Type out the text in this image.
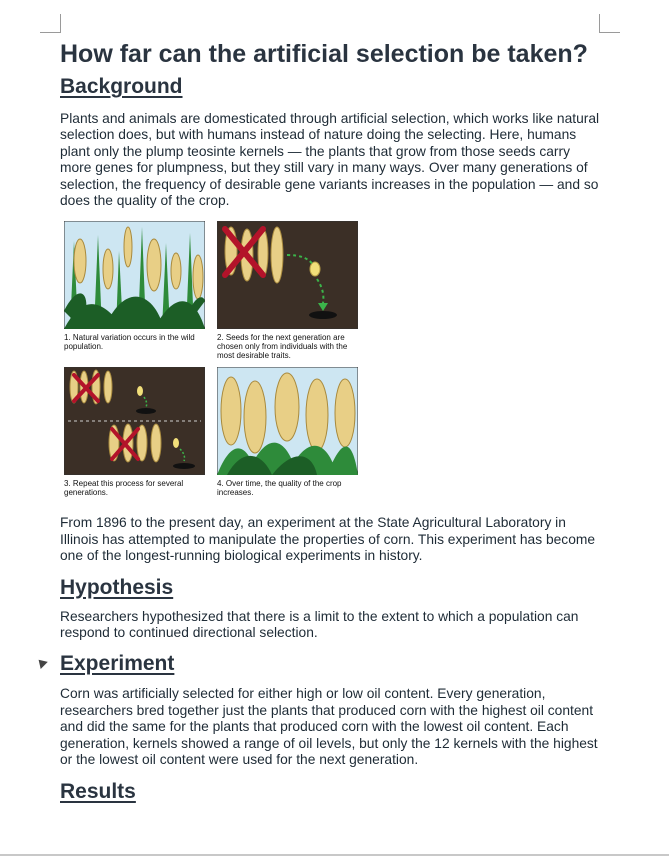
How far can the artificial selection be taken?
Background

Plants and animals are domesticated through artificial selection, which works like natural selection does, but with humans instead of nature doing the selecting. Here, humans plant only the plump teosinte kernels — the plants that grow from those seeds carry more genes for plumpness, but they still vary in many ways. Over many generations of selection, the frequency of desirable gene variants increases in the population — and so does the quality of the crop.

1. Natural variation occurs in the wild population.
2. Seeds for the next generation are chosen only from individuals with the most desirable traits.
3. Repeat this process for several generations.
4. Over time, the quality of the crop increases.

From 1896 to the present day, an experiment at the State Agricultural Laboratory in Illinois has attempted to manipulate the properties of corn. This experiment has become one of the longest-running biological experiments in history.

Hypothesis

Researchers hypothesized that there is a limit to the extent to which a population can respond to continued directional selection.

Experiment

Corn was artificially selected for either high or low oil content. Every generation, researchers bred together just the plants that produced corn with the highest oil content and did the same for the plants that produced corn with the lowest oil content. Each generation, kernels showed a range of oil levels, but only the 12 kernels with the highest or the lowest oil content were used for the next generation.

Results
